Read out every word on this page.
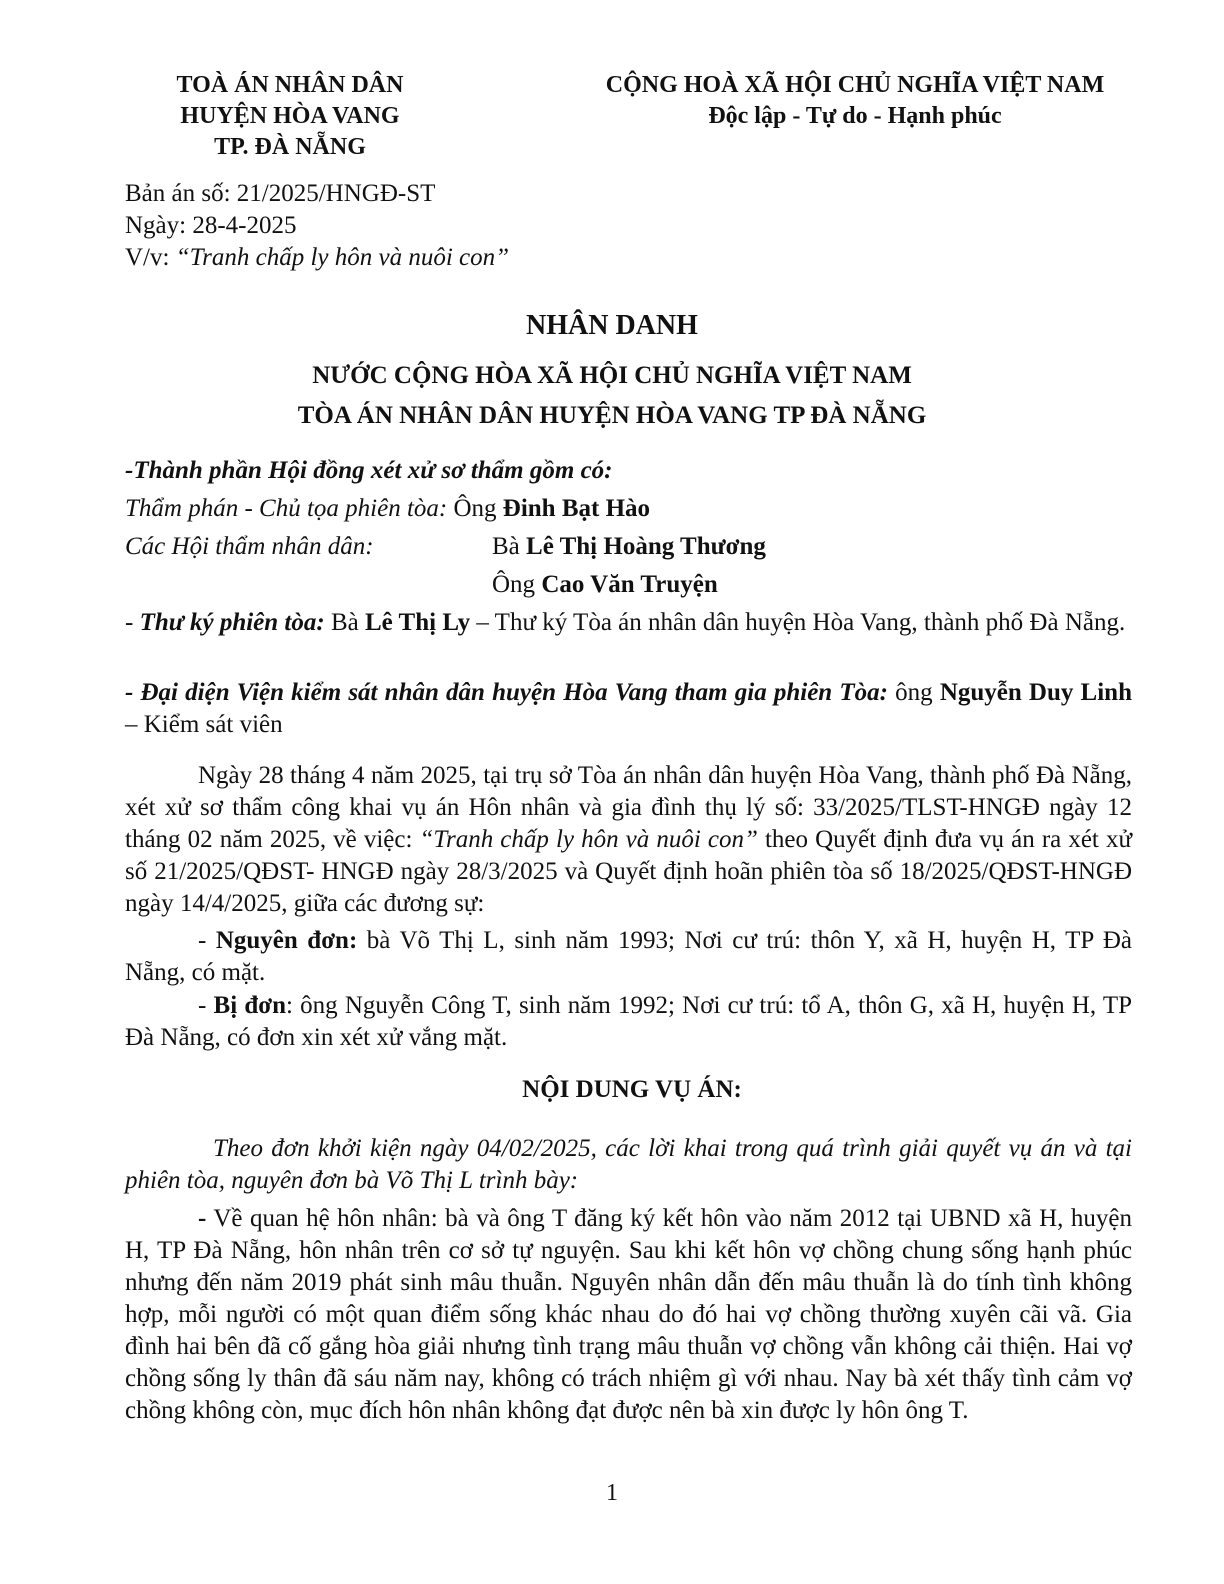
TOÀ ÁN NHÂN DÂN
HUYỆN HÒA VANG
TP. ĐÀ NẴNG
CỘNG HOÀ XÃ HỘI CHỦ NGHĨA VIỆT NAM
Độc lập - Tự do - Hạnh phúc
Bản án số: 21/2025/HNGĐ-ST
Ngày: 28-4-2025
V/v: “Tranh chấp ly hôn và nuôi con”
NHÂN DANH
NƯỚC CỘNG HÒA XÃ HỘI CHỦ NGHĨA VIỆT NAM
TÒA ÁN NHÂN DÂN HUYỆN HÒA VANG TP ĐÀ NẴNG
-Thành phần Hội đồng xét xử sơ thẩm gồm có:
Thẩm phán - Chủ tọa phiên tòa: Ông Đinh Bạt Hào
Các Hội thẩm nhân dân:	Bà Lê Thị Hoàng Thương
Ông Cao Văn Truyện
- Thư ký phiên tòa: Bà Lê Thị Ly – Thư ký Tòa án nhân dân huyện Hòa Vang, thành phố Đà Nẵng.
- Đại diện Viện kiểm sát nhân dân huyện Hòa Vang tham gia phiên Tòa: ông Nguyễn Duy Linh – Kiểm sát viên
Ngày 28 tháng 4 năm 2025, tại trụ sở Tòa án nhân dân huyện Hòa Vang, thành phố Đà Nẵng, xét xử sơ thẩm công khai vụ án Hôn nhân và gia đình thụ lý số: 33/2025/TLST-HNGĐ ngày 12 tháng 02 năm 2025, về việc: “Tranh chấp ly hôn và nuôi con” theo Quyết định đưa vụ án ra xét xử số 21/2025/QĐST- HNGĐ ngày 28/3/2025 và Quyết định hoãn phiên tòa số 18/2025/QĐST-HNGĐ ngày 14/4/2025, giữa các đương sự:
- Nguyên đơn: bà Võ Thị L, sinh năm 1993; Nơi cư trú: thôn Y, xã H, huyện H, TP Đà Nẵng, có mặt.
- Bị đơn: ông Nguyễn Công T, sinh năm 1992; Nơi cư trú: tổ A, thôn G, xã H, huyện H, TP Đà Nẵng, có đơn xin xét xử vắng mặt.
NỘI DUNG VỤ ÁN:
Theo đơn khởi kiện ngày 04/02/2025, các lời khai trong quá trình giải quyết vụ án và tại phiên tòa, nguyên đơn bà Võ Thị L trình bày:
- Về quan hệ hôn nhân: bà và ông T đăng ký kết hôn vào năm 2012 tại UBND xã H, huyện H, TP Đà Nẵng, hôn nhân trên cơ sở tự nguyện. Sau khi kết hôn vợ chồng chung sống hạnh phúc nhưng đến năm 2019 phát sinh mâu thuẫn. Nguyên nhân dẫn đến mâu thuẫn là do tính tình không hợp, mỗi người có một quan điểm sống khác nhau do đó hai vợ chồng thường xuyên cãi vã. Gia đình hai bên đã cố gắng hòa giải nhưng tình trạng mâu thuẫn vợ chồng vẫn không cải thiện. Hai vợ chồng sống ly thân đã sáu năm nay, không có trách nhiệm gì với nhau. Nay bà xét thấy tình cảm vợ chồng không còn, mục đích hôn nhân không đạt được nên bà xin được ly hôn ông T.
1
